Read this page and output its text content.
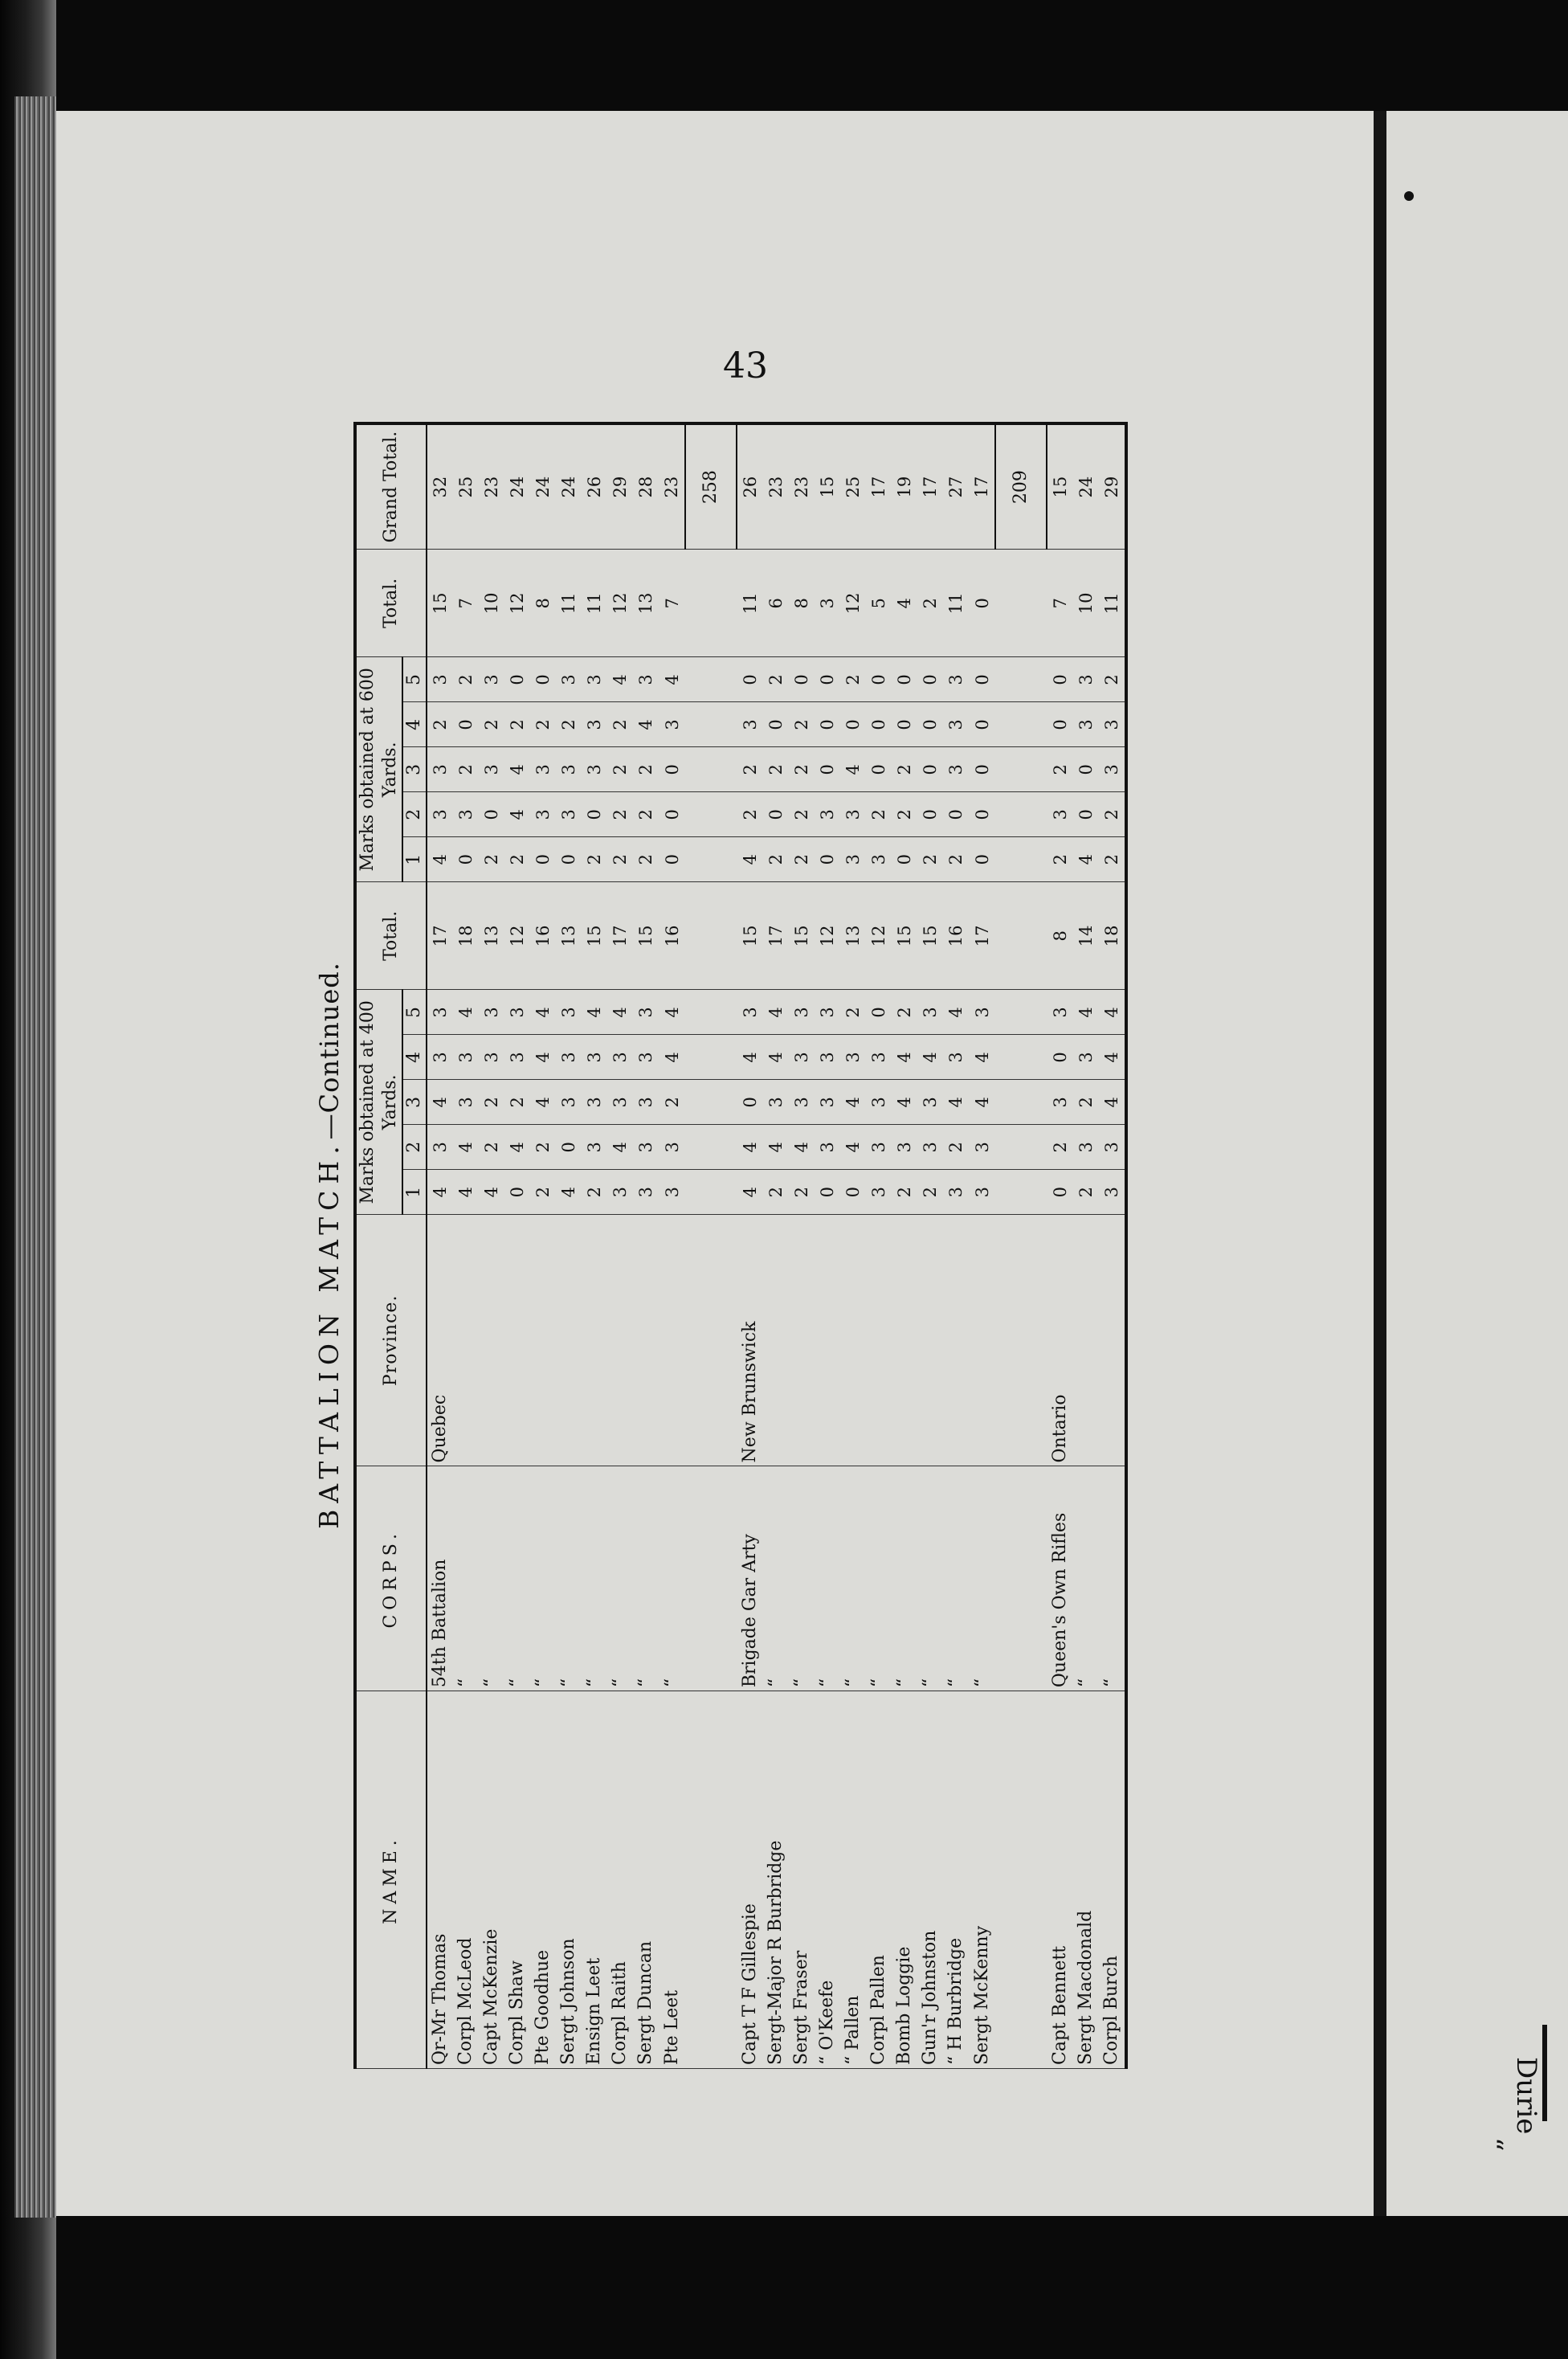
“
Durie
43
BATTALION MATCH.—Continued.
NAME.	CORPS.	Province.	Marks obtained at 400 Yards.					Total.	Marks obtained at 600 Yards.					Total.	Grand Total.
			1	2	3	4	5		1	2	3	4	5		
Qr-Mr Thomas	54th Battalion	Quebec	4	3	4	3	3	17	4	3	3	2	3	15	32
Corpl McLeod	“		4	4	3	3	4	18	0	3	2	0	2	7	25
Capt McKenzie	“		4	2	2	3	3	13	2	0	3	2	3	10	23
Corpl Shaw	“		0	4	2	3	3	12	2	4	4	2	0	12	24
Pte Goodhue	“		2	2	4	4	4	16	0	3	3	2	0	8	24
Sergt Johnson	“		4	0	3	3	3	13	0	3	3	2	3	11	24
Ensign Leet	“		2	3	3	3	4	15	2	0	3	3	3	11	26
Corpl Raith	“		3	4	3	3	4	17	2	2	2	2	4	12	29
Sergt Duncan	“		3	3	3	3	3	15	2	2	2	4	3	13	28
Pte Leet	“		3	3	2	4	4	16	0	0	0	3	4	7	23
															258
Capt T F Gillespie	Brigade Gar Arty	New Brunswick	4	4	0	4	3	15	4	2	2	3	0	11	26
Sergt-Major R Burbridge	“		2	4	3	4	4	17	2	0	2	0	2	6	23
Sergt Fraser	“		2	4	3	3	3	15	2	2	2	2	0	8	23
“ O'Keefe	“		0	3	3	3	3	12	0	3	0	0	0	3	15
“ Pallen	“		0	4	4	3	2	13	3	3	4	0	2	12	25
Corpl Pallen	“		3	3	3	3	0	12	3	2	0	0	0	5	17
Bomb Loggie	“		2	3	4	4	2	15	0	2	2	0	0	4	19
Gun'r Johnston	“		2	3	3	4	3	15	2	0	0	0	0	2	17
“ H Burbridge	“		3	2	4	3	4	16	2	0	3	3	3	11	27
Sergt McKenny	“		3	3	4	4	3	17	0	0	0	0	0	0	17
															209
Capt Bennett	Queen's Own Rifles	Ontario	0	2	3	0	3	8	2	3	2	0	0	7	15
Sergt Macdonald	“		2	3	2	3	4	14	4	0	0	3	3	10	24
Corpl Burch	“		3	3	4	4	4	18	2	2	3	3	2	11	29
